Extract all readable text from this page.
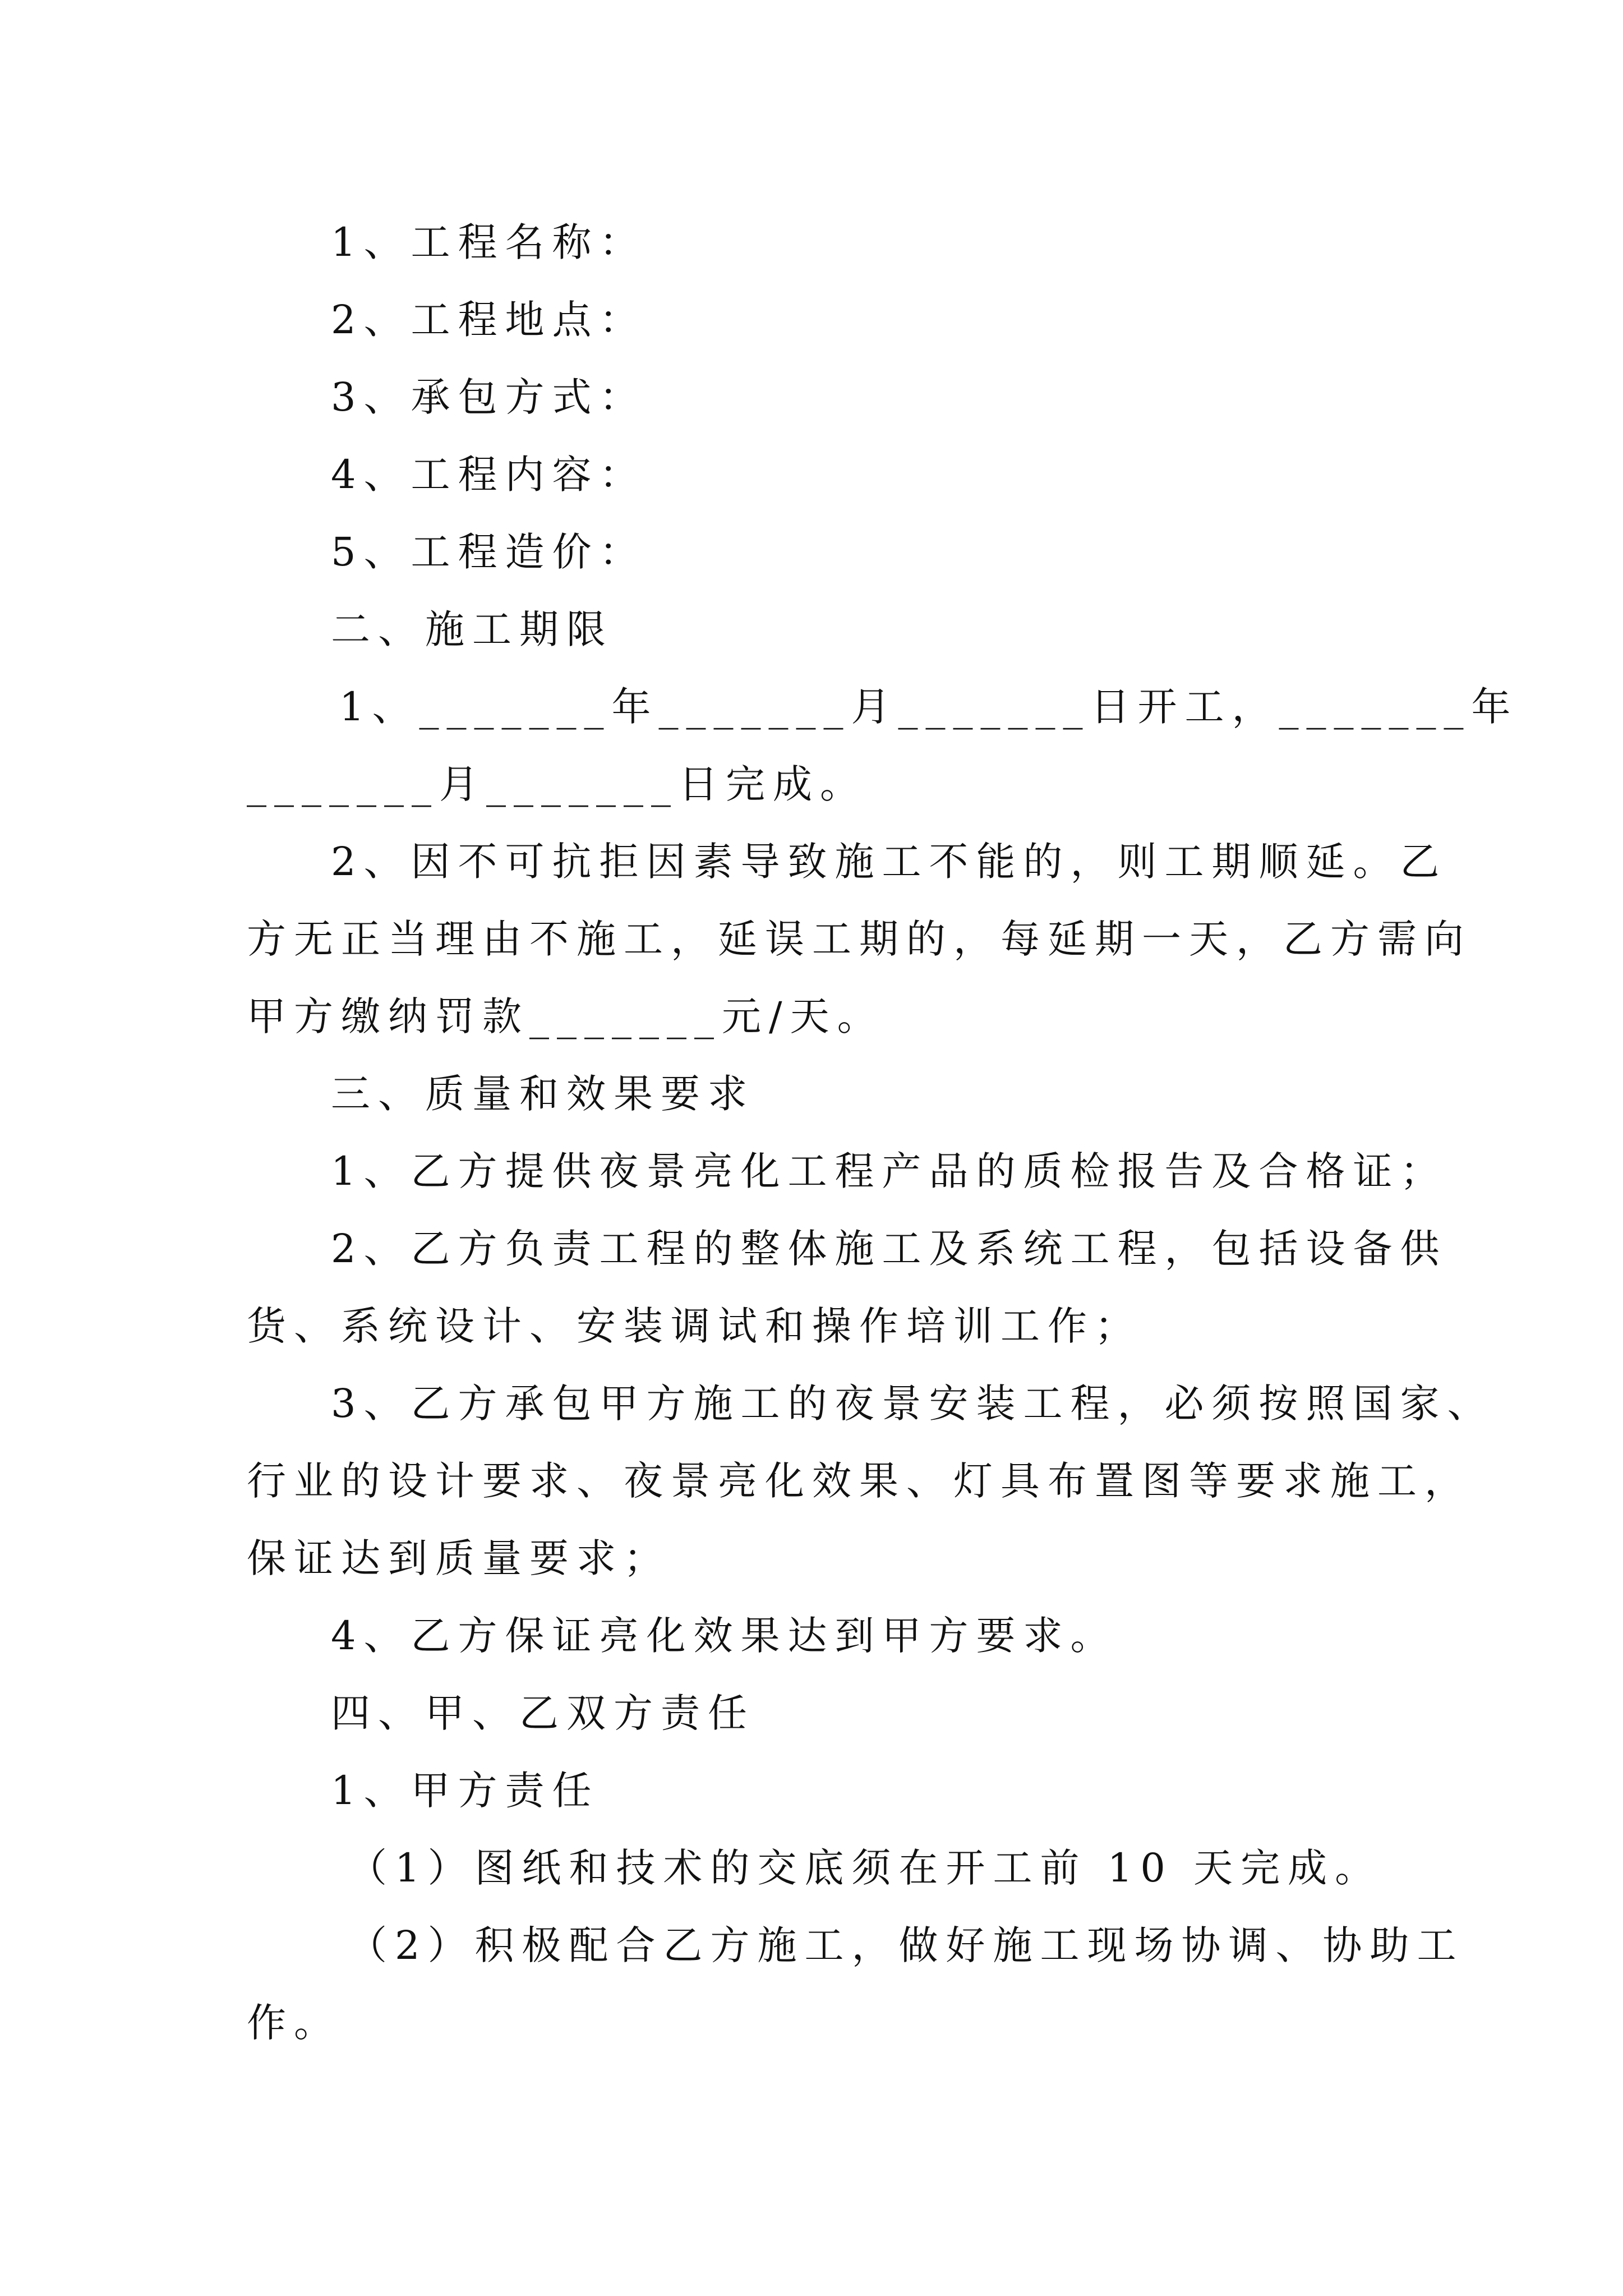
1、工程名称：
2、工程地点：
3、承包方式：
4、工程内容：
5、工程造价：
二、施工期限
1、_______年_______月_______日开工，_______年
_______月_______日完成。
2、因不可抗拒因素导致施工不能的，则工期顺延。乙
方无正当理由不施工，延误工期的，每延期一天，乙方需向
甲方缴纳罚款_______元/天。
三、质量和效果要求
1、乙方提供夜景亮化工程产品的质检报告及合格证；
2、乙方负责工程的整体施工及系统工程，包括设备供
货、系统设计、安装调试和操作培训工作；
3、乙方承包甲方施工的夜景安装工程，必须按照国家、
行业的设计要求、夜景亮化效果、灯具布置图等要求施工，
保证达到质量要求；
4、乙方保证亮化效果达到甲方要求。
四、甲、乙双方责任
1、甲方责任
（1）图纸和技术的交底须在开工前 10 天完成。
（2）积极配合乙方施工，做好施工现场协调、协助工
作。
